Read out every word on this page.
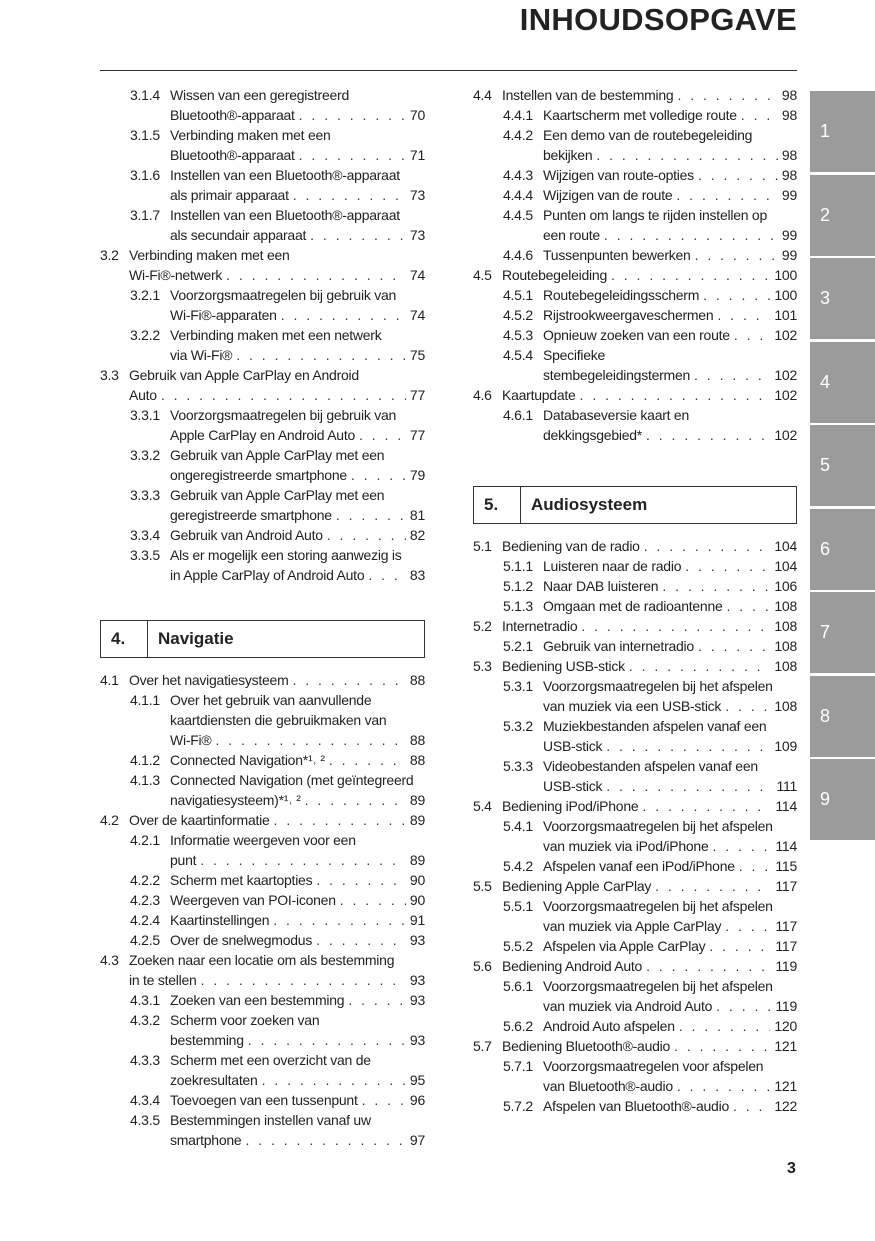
INHOUDSOPGAVE
3.1.4 Wissen van een geregistreerd
Bluetooth®-apparaat . . .	70
3.1.5 Verbinding maken met een
Bluetooth®-apparaat . . .	71
3.1.6 Instellen van een Bluetooth®-apparaat
als primair apparaat . . .	73
3.1.7 Instellen van een Bluetooth®-apparaat
als secundair apparaat . . .	73
3.2 Verbinding maken met een
Wi-Fi®-netwerk . . .	74
3.2.1 Voorzorgsmaatregelen bij gebruik van
Wi-Fi®-apparaten . . .	74
3.2.2 Verbinding maken met een netwerk
via Wi-Fi® . . .	75
3.3 Gebruik van Apple CarPlay en Android
Auto . . .	77
3.3.1 Voorzorgsmaatregelen bij gebruik van
Apple CarPlay en Android Auto . . .	77
3.3.2 Gebruik van Apple CarPlay met een
ongeregistreerde smartphone . . .	79
3.3.3 Gebruik van Apple CarPlay met een
geregistreerde smartphone . . .	81
3.3.4 Gebruik van Android Auto . . .	82
3.3.5 Als er mogelijk een storing aanwezig is
in Apple CarPlay of Android Auto . . .	83
4.	Navigatie
4.1 Over het navigatiesysteem . . .	88
4.1.1 Over het gebruik van aanvullende
kaartdiensten die gebruikmaken van
Wi-Fi® . . .	88
4.1.2 Connected Navigation*¹˒ ² . . .	88
4.1.3 Connected Navigation (met geïntegreerd
navigatiesysteem)*¹˒ ² . . .	89
4.2 Over de kaartinformatie . . .	89
4.2.1 Informatie weergeven voor een
punt . . .	89
4.2.2 Scherm met kaartopties . . .	90
4.2.3 Weergeven van POI-iconen . . .	90
4.2.4 Kaartinstellingen . . .	91
4.2.5 Over de snelwegmodus . . .	93
4.3 Zoeken naar een locatie om als bestemming
in te stellen . . .	93
4.3.1 Zoeken van een bestemming . . .	93
4.3.2 Scherm voor zoeken van
bestemming . . .	93
4.3.3 Scherm met een overzicht van de
zoekresultaten . . .	95
4.3.4 Toevoegen van een tussenpunt . . .	96
4.3.5 Bestemmingen instellen vanaf uw
smartphone . . .	97
4.4 Instellen van de bestemming . . .	98
4.4.1 Kaartscherm met volledige route . . .	98
4.4.2 Een demo van de routebegeleiding
bekijken . . .	98
4.4.3 Wijzigen van route-opties . . .	98
4.4.4 Wijzigen van de route . . .	99
4.4.5 Punten om langs te rijden instellen op
een route . . .	99
4.4.6 Tussenpunten bewerken . . .	99
4.5 Routebegeleiding . . .	100
4.5.1 Routebegeleidingsscherm . . .	100
4.5.2 Rijstrookweergaveschermen . . .	101
4.5.3 Opnieuw zoeken van een route . . .	102
4.5.4 Specifieke
stembegeleidingstermen . . .	102
4.6 Kaartupdate . . .	102
4.6.1 Databaseversie kaart en
dekkingsgebied* . . .	102
5.	Audiosysteem
5.1 Bediening van de radio . . .	104
5.1.1 Luisteren naar de radio . . .	104
5.1.2 Naar DAB luisteren . . .	106
5.1.3 Omgaan met de radioantenne . . .	108
5.2 Internetradio . . .	108
5.2.1 Gebruik van internetradio . . .	108
5.3 Bediening USB-stick . . .	108
5.3.1 Voorzorgsmaatregelen bij het afspelen
van muziek via een USB-stick . . .	108
5.3.2 Muziekbestanden afspelen vanaf een
USB-stick . . .	109
5.3.3 Videobestanden afspelen vanaf een
USB-stick . . .	111
5.4 Bediening iPod/iPhone . . .	114
5.4.1 Voorzorgsmaatregelen bij het afspelen
van muziek via iPod/iPhone . . .	114
5.4.2 Afspelen vanaf een iPod/iPhone . . .	115
5.5 Bediening Apple CarPlay . . .	117
5.5.1 Voorzorgsmaatregelen bij het afspelen
van muziek via Apple CarPlay . . .	117
5.5.2 Afspelen via Apple CarPlay . . .	117
5.6 Bediening Android Auto . . .	119
5.6.1 Voorzorgsmaatregelen bij het afspelen
van muziek via Android Auto . . .	119
5.6.2 Android Auto afspelen . . .	120
5.7 Bediening Bluetooth®-audio . . .	121
5.7.1 Voorzorgsmaatregelen voor afspelen
van Bluetooth®-audio . . .	121
5.7.2 Afspelen van Bluetooth®-audio . . .	122
1
2
3
4
5
6
7
8
9
3
